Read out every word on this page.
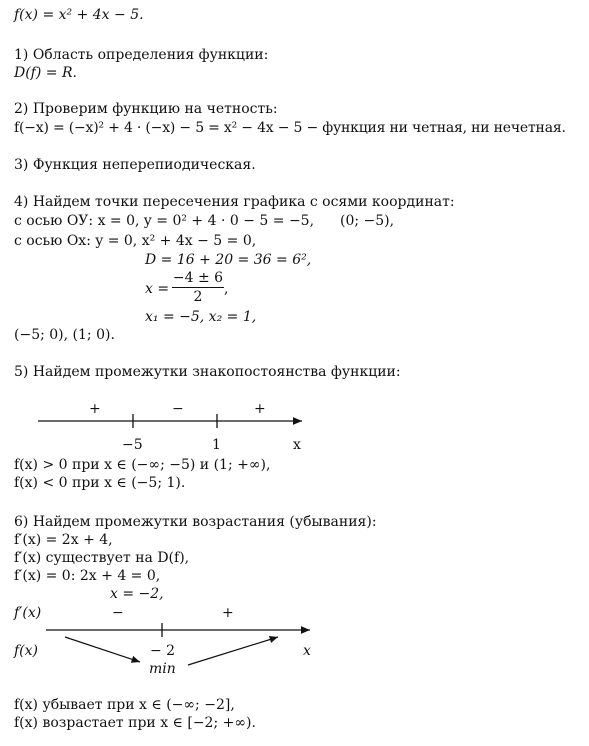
f(x) = x² + 4x − 5.
1) Область определения функции:
D(f) = R.
2) Проверим функцию на четность:
f(−x) = (−x)² + 4 · (−x) − 5 = x² − 4x − 5 − функция ни четная, ни нечетная.
3) Функция неперепиодическая.
4) Найдем точки пересечения графика с осями координат:
с осью ОУ: x = 0, y = 0² + 4 · 0 − 5 = −5, (0; −5),
с осью Ox: y = 0, x² + 4x − 5 = 0,
D = 16 + 20 = 36 = 6²,
x =
−4 ± 6
2	,
x₁ = −5, x₂ = 1,
(−5; 0), (1; 0).
5) Найдем промежутки знакопостоянства функции:
+	−	+
−5	1	x
f(x) > 0 при x ∈ (−∞; −5) и (1; +∞),
f(x) < 0 при x ∈ (−5; 1).
6) Найдем промежутки возрастания (убывания):
f′(x) = 2x + 4,
f′(x) существует на D(f),
f′(x) = 0: 2x + 4 = 0,
x = −2,
f′(x)	−	+
f(x)	− 2	x
min
f(x) убывает при x ∈ (−∞; −2],
f(x) возрастает при x ∈ [−2; +∞).
